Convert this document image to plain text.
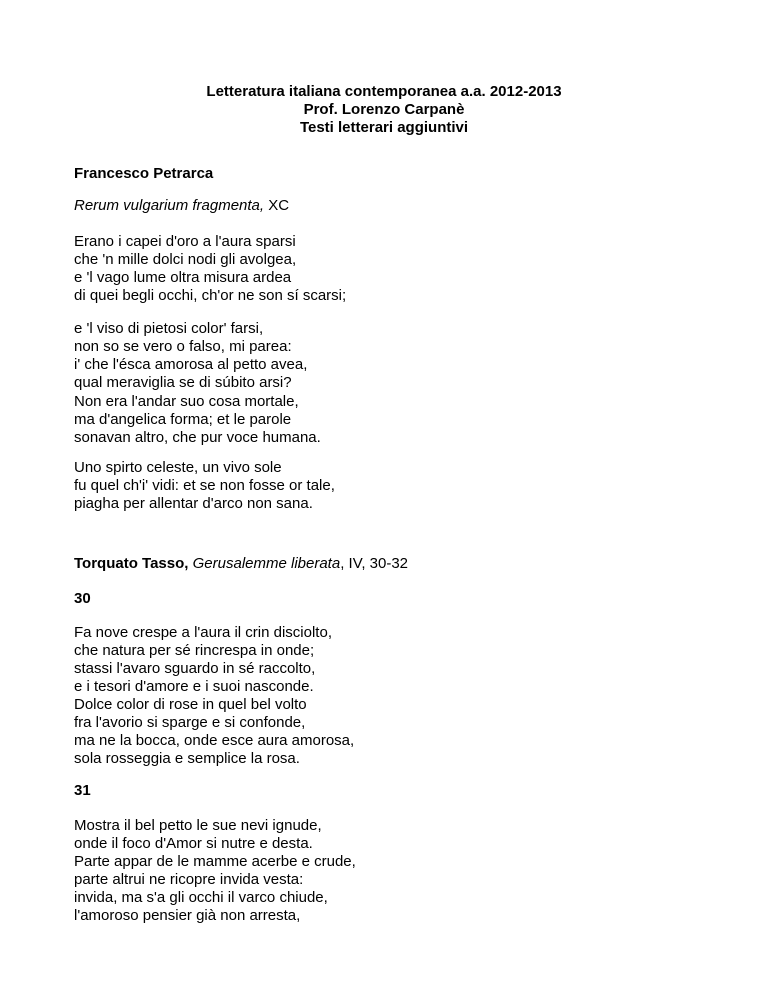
Letteratura italiana contemporanea a.a. 2012-2013
Prof. Lorenzo Carpanè
Testi letterari aggiuntivi
Francesco Petrarca
Rerum vulgarium fragmenta, XC
Erano i capei d'oro a l'aura sparsi
che 'n mille dolci nodi gli avolgea,
e 'l vago lume oltra misura ardea
di quei begli occhi, ch'or ne son sí scarsi;
e 'l viso di pietosi color' farsi,
non so se vero o falso, mi parea:
i' che l'ésca amorosa al petto avea,
qual meraviglia se di súbito arsi?
Non era l'andar suo cosa mortale,
ma d'angelica forma; et le parole
sonavan altro, che pur voce humana.
Uno spirto celeste, un vivo sole
fu quel ch'i' vidi: et se non fosse or tale,
piagha per allentar d'arco non sana.
Torquato Tasso, Gerusalemme liberata, IV, 30-32
30
Fa nove crespe a l'aura il crin disciolto,
che natura per sé rincrespa in onde;
stassi l'avaro sguardo in sé raccolto,
e i tesori d'amore e i suoi nasconde.
Dolce color di rose in quel bel volto
fra l'avorio si sparge e si confonde,
ma ne la bocca, onde esce aura amorosa,
sola rosseggia e semplice la rosa.
31
Mostra il bel petto le sue nevi ignude,
onde il foco d'Amor si nutre e desta.
Parte appar de le mamme acerbe e crude,
parte altrui ne ricopre invida vesta:
invida, ma s'a gli occhi il varco chiude,
l'amoroso pensier già non arresta,
